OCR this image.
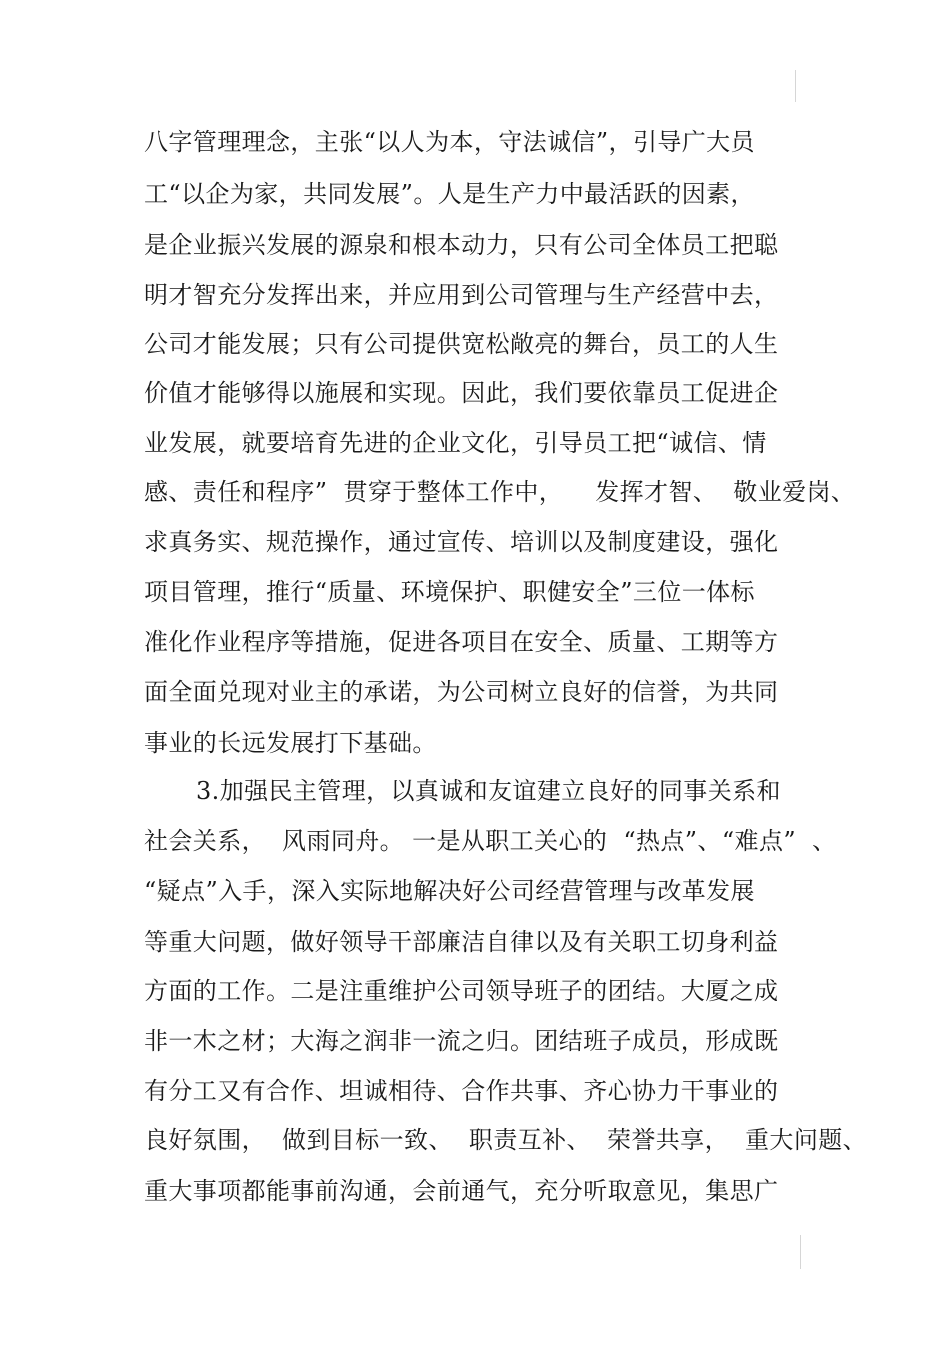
八字管理理念，主张“以人为本，守法诚信”，引导广大员
工“以企为家，共同发展”。人是生产力中最活跃的因素，
是企业振兴发展的源泉和根本动力，只有公司全体员工把聪
明才智充分发挥出来，并应用到公司管理与生产经营中去，
公司才能发展；只有公司提供宽松敞亮的舞台，员工的人生
价值才能够得以施展和实现。因此，我们要依靠员工促进企
业发展，就要培育先进的企业文化，引导员工把“诚信、情
感、责任和程序”  贯穿于整体工作中，    发挥才智、  敬业爱岗、
求真务实、规范操作，通过宣传、培训以及制度建设，强化
项目管理，推行“质量、环境保护、职健安全”三位一体标
准化作业程序等措施，促进各项目在安全、质量、工期等方
面全面兑现对业主的承诺，为公司树立良好的信誉，为共同
事业的长远发展打下基础。
3.加强民主管理，以真诚和友谊建立良好的同事关系和
社会关系，  风雨同舟。 一是从职工关心的  “热点”、“难点”  、
“疑点”入手，深入实际地解决好公司经营管理与改革发展
等重大问题，做好领导干部廉洁自律以及有关职工切身利益
方面的工作。二是注重维护公司领导班子的团结。大厦之成
非一木之材；大海之润非一流之归。团结班子成员，形成既
有分工又有合作、坦诚相待、合作共事、齐心协力干事业的
良好氛围，  做到目标一致、  职责互补、  荣誉共享，  重大问题、
重大事项都能事前沟通，会前通气，充分听取意见，集思广
